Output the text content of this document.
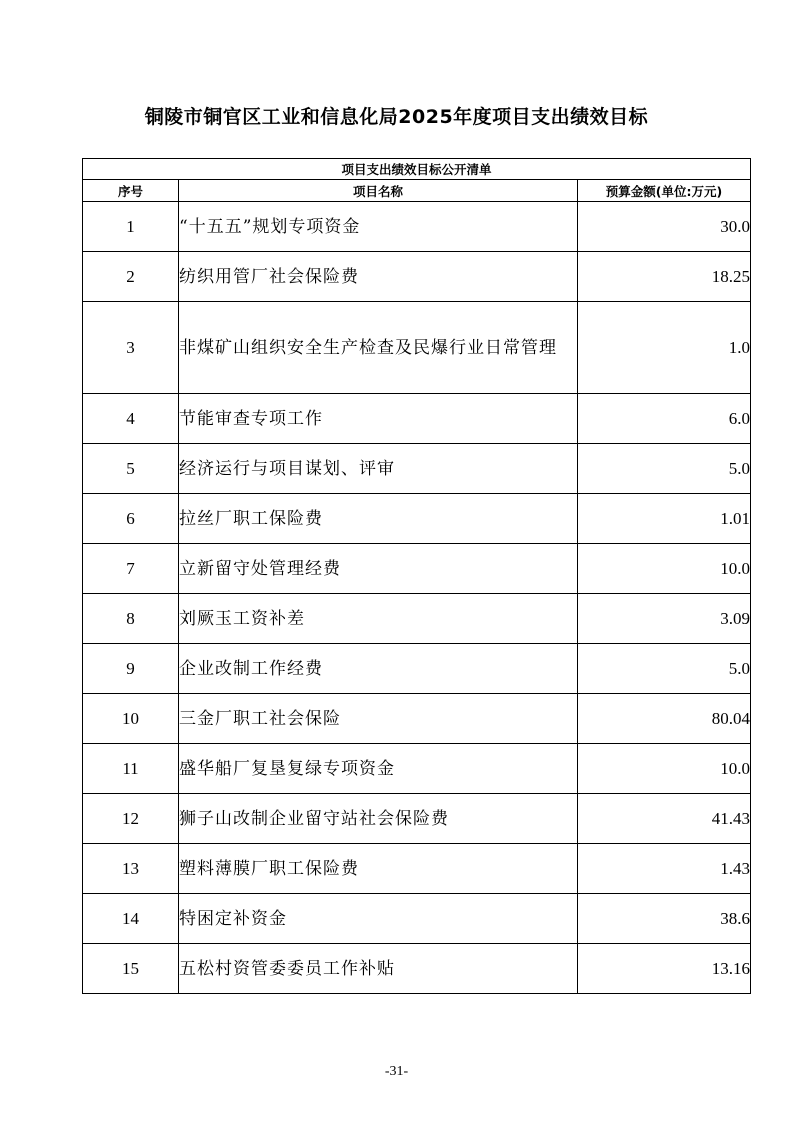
铜陵市铜官区工业和信息化局2025年度项目支出绩效目标
项目支出绩效目标公开清单		
序号	项目名称	预算金额(单位:万元)
1	“十五五”规划专项资金	30.0
2	纺织用管厂社会保险费	18.25
3	非煤矿山组织安全生产检查及民爆行业日常管理	1.0
4	节能审查专项工作	6.0
5	经济运行与项目谋划、评审	5.0
6	拉丝厂职工保险费	1.01
7	立新留守处管理经费	10.0
8	刘厥玉工资补差	3.09
9	企业改制工作经费	5.0
10	三金厂职工社会保险	80.04
11	盛华船厂复垦复绿专项资金	10.0
12	狮子山改制企业留守站社会保险费	41.43
13	塑料薄膜厂职工保险费	1.43
14	特困定补资金	38.6
15	五松村资管委委员工作补贴	13.16
-31-
